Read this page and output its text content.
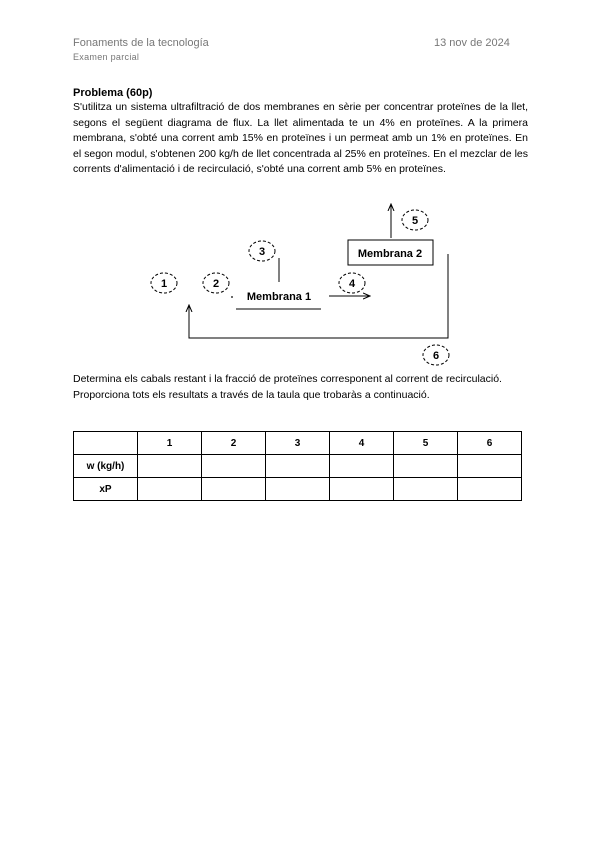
Fonaments de la tecnología
Examen parcial
13 nov de 2024
Problema (60p)
S'utilitza un sistema ultrafiltració de dos membranes en sèrie per concentrar proteïnes de la llet, segons el següent diagrama de flux. La llet alimentada te un 4% en proteïnes. A la primera membrana, s'obté una corrent amb 15% en proteïnes i un permeat amb un 1% en proteïnes. En el segon modul, s'obtenen 200 kg/h de llet concentrada al 25% en proteïnes. En el mezclar de les corrents d'alimentació i de recirculació, s'obté una corrent amb 5% en proteïnes.
1	2
3
4
5
6
Membrana 1
Membrana 2
Determina els cabals restant i la fracció de proteïnes corresponent al corrent de recirculació. Proporciona tots els resultats a través de la taula que trobaràs a continuació.
	1	2	3	4	5	6
w (kg/h)						
xP						
